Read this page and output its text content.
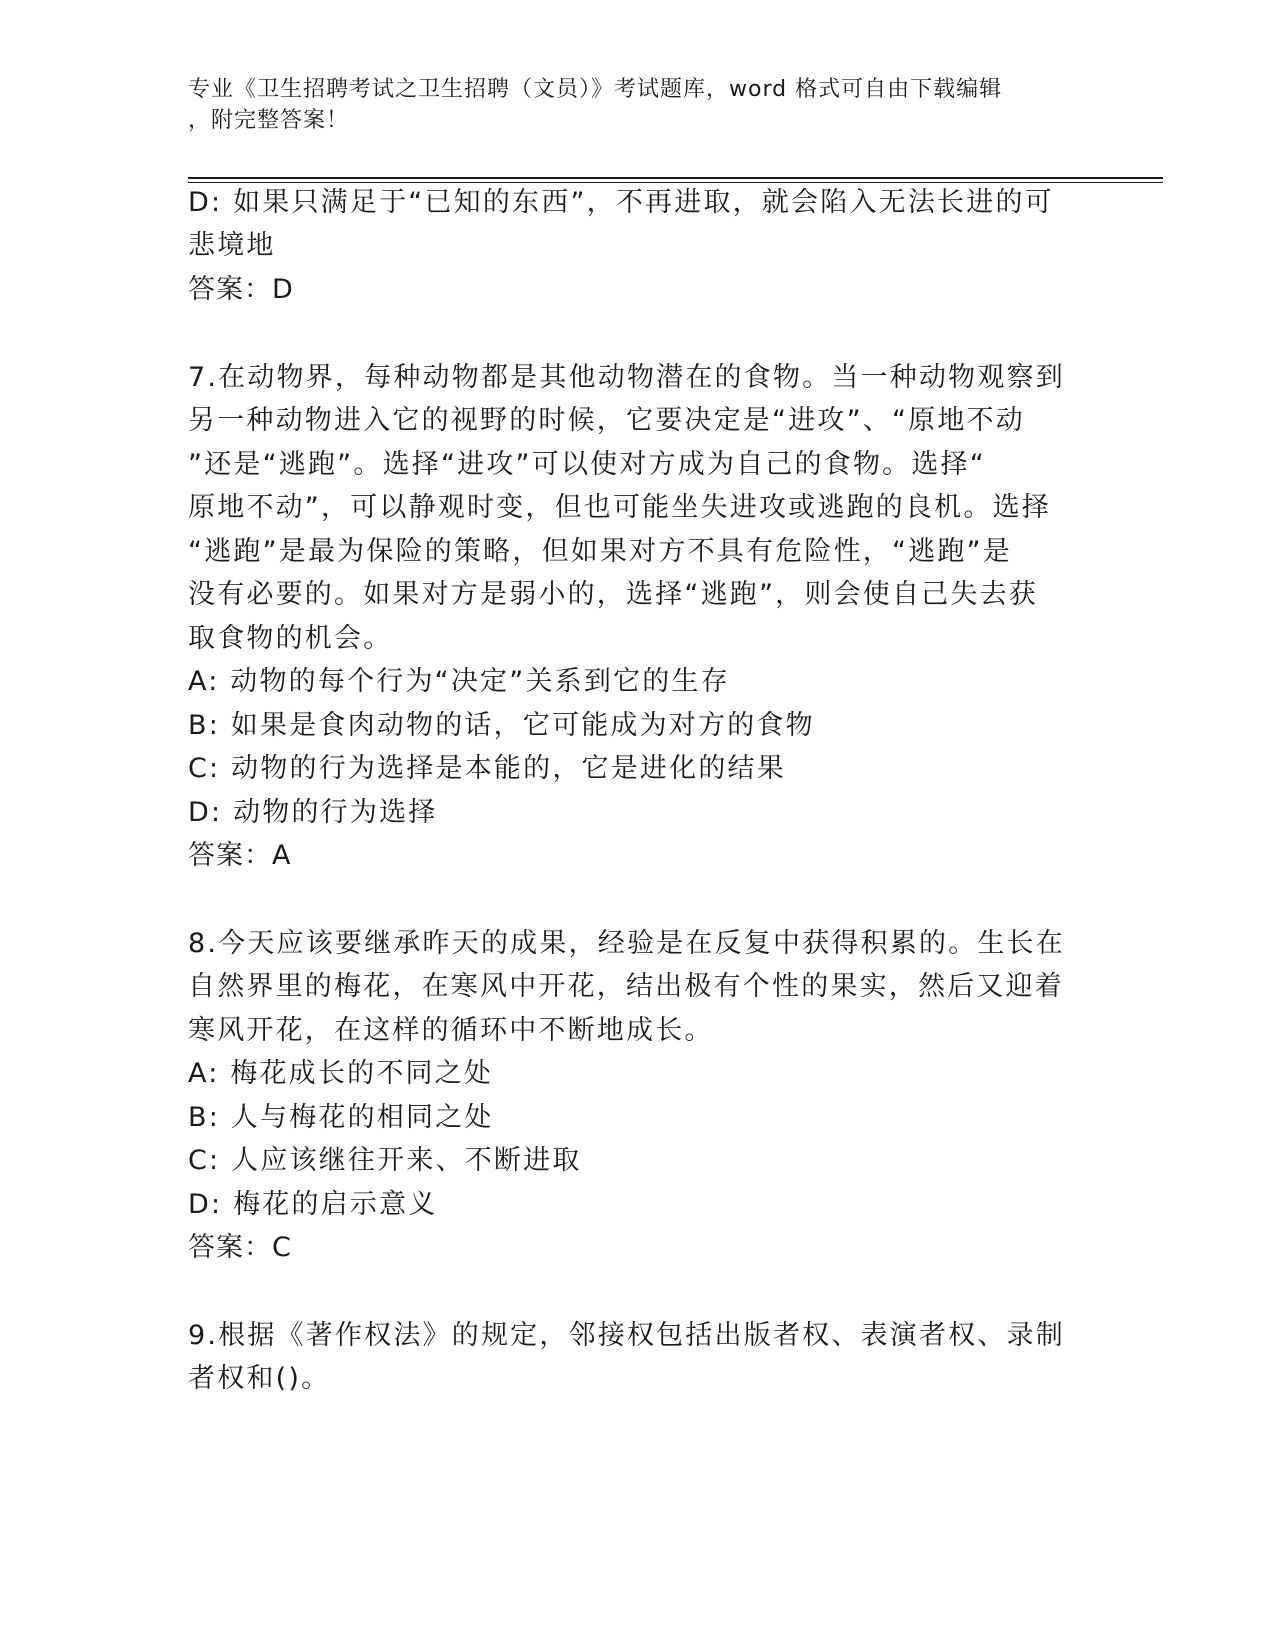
专业《卫生招聘考试之卫生招聘（文员）》考试题库，word 格式可自由下载编辑
，附完整答案！
D: 如果只满足于“已知的东西”，不再进取，就会陷入无法长进的可
悲境地
答案：D
7.在动物界，每种动物都是其他动物潜在的食物。当一种动物观察到
另一种动物进入它的视野的时候，它要决定是“进攻”、“原地不动
”还是“逃跑”。选择“进攻”可以使对方成为自己的食物。选择“
原地不动”，可以静观时变，但也可能坐失进攻或逃跑的良机。选择
“逃跑”是最为保险的策略，但如果对方不具有危险性，“逃跑”是
没有必要的。如果对方是弱小的，选择“逃跑”，则会使自己失去获
取食物的机会。
A: 动物的每个行为“决定”关系到它的生存
B: 如果是食肉动物的话，它可能成为对方的食物
C: 动物的行为选择是本能的，它是进化的结果
D: 动物的行为选择
答案：A
8.今天应该要继承昨天的成果，经验是在反复中获得积累的。生长在
自然界里的梅花，在寒风中开花，结出极有个性的果实，然后又迎着
寒风开花，在这样的循环中不断地成长。
A: 梅花成长的不同之处
B: 人与梅花的相同之处
C: 人应该继往开来、不断进取
D: 梅花的启示意义
答案：C
9.根据《著作权法》的规定，邻接权包括出版者权、表演者权、录制
者权和()。
